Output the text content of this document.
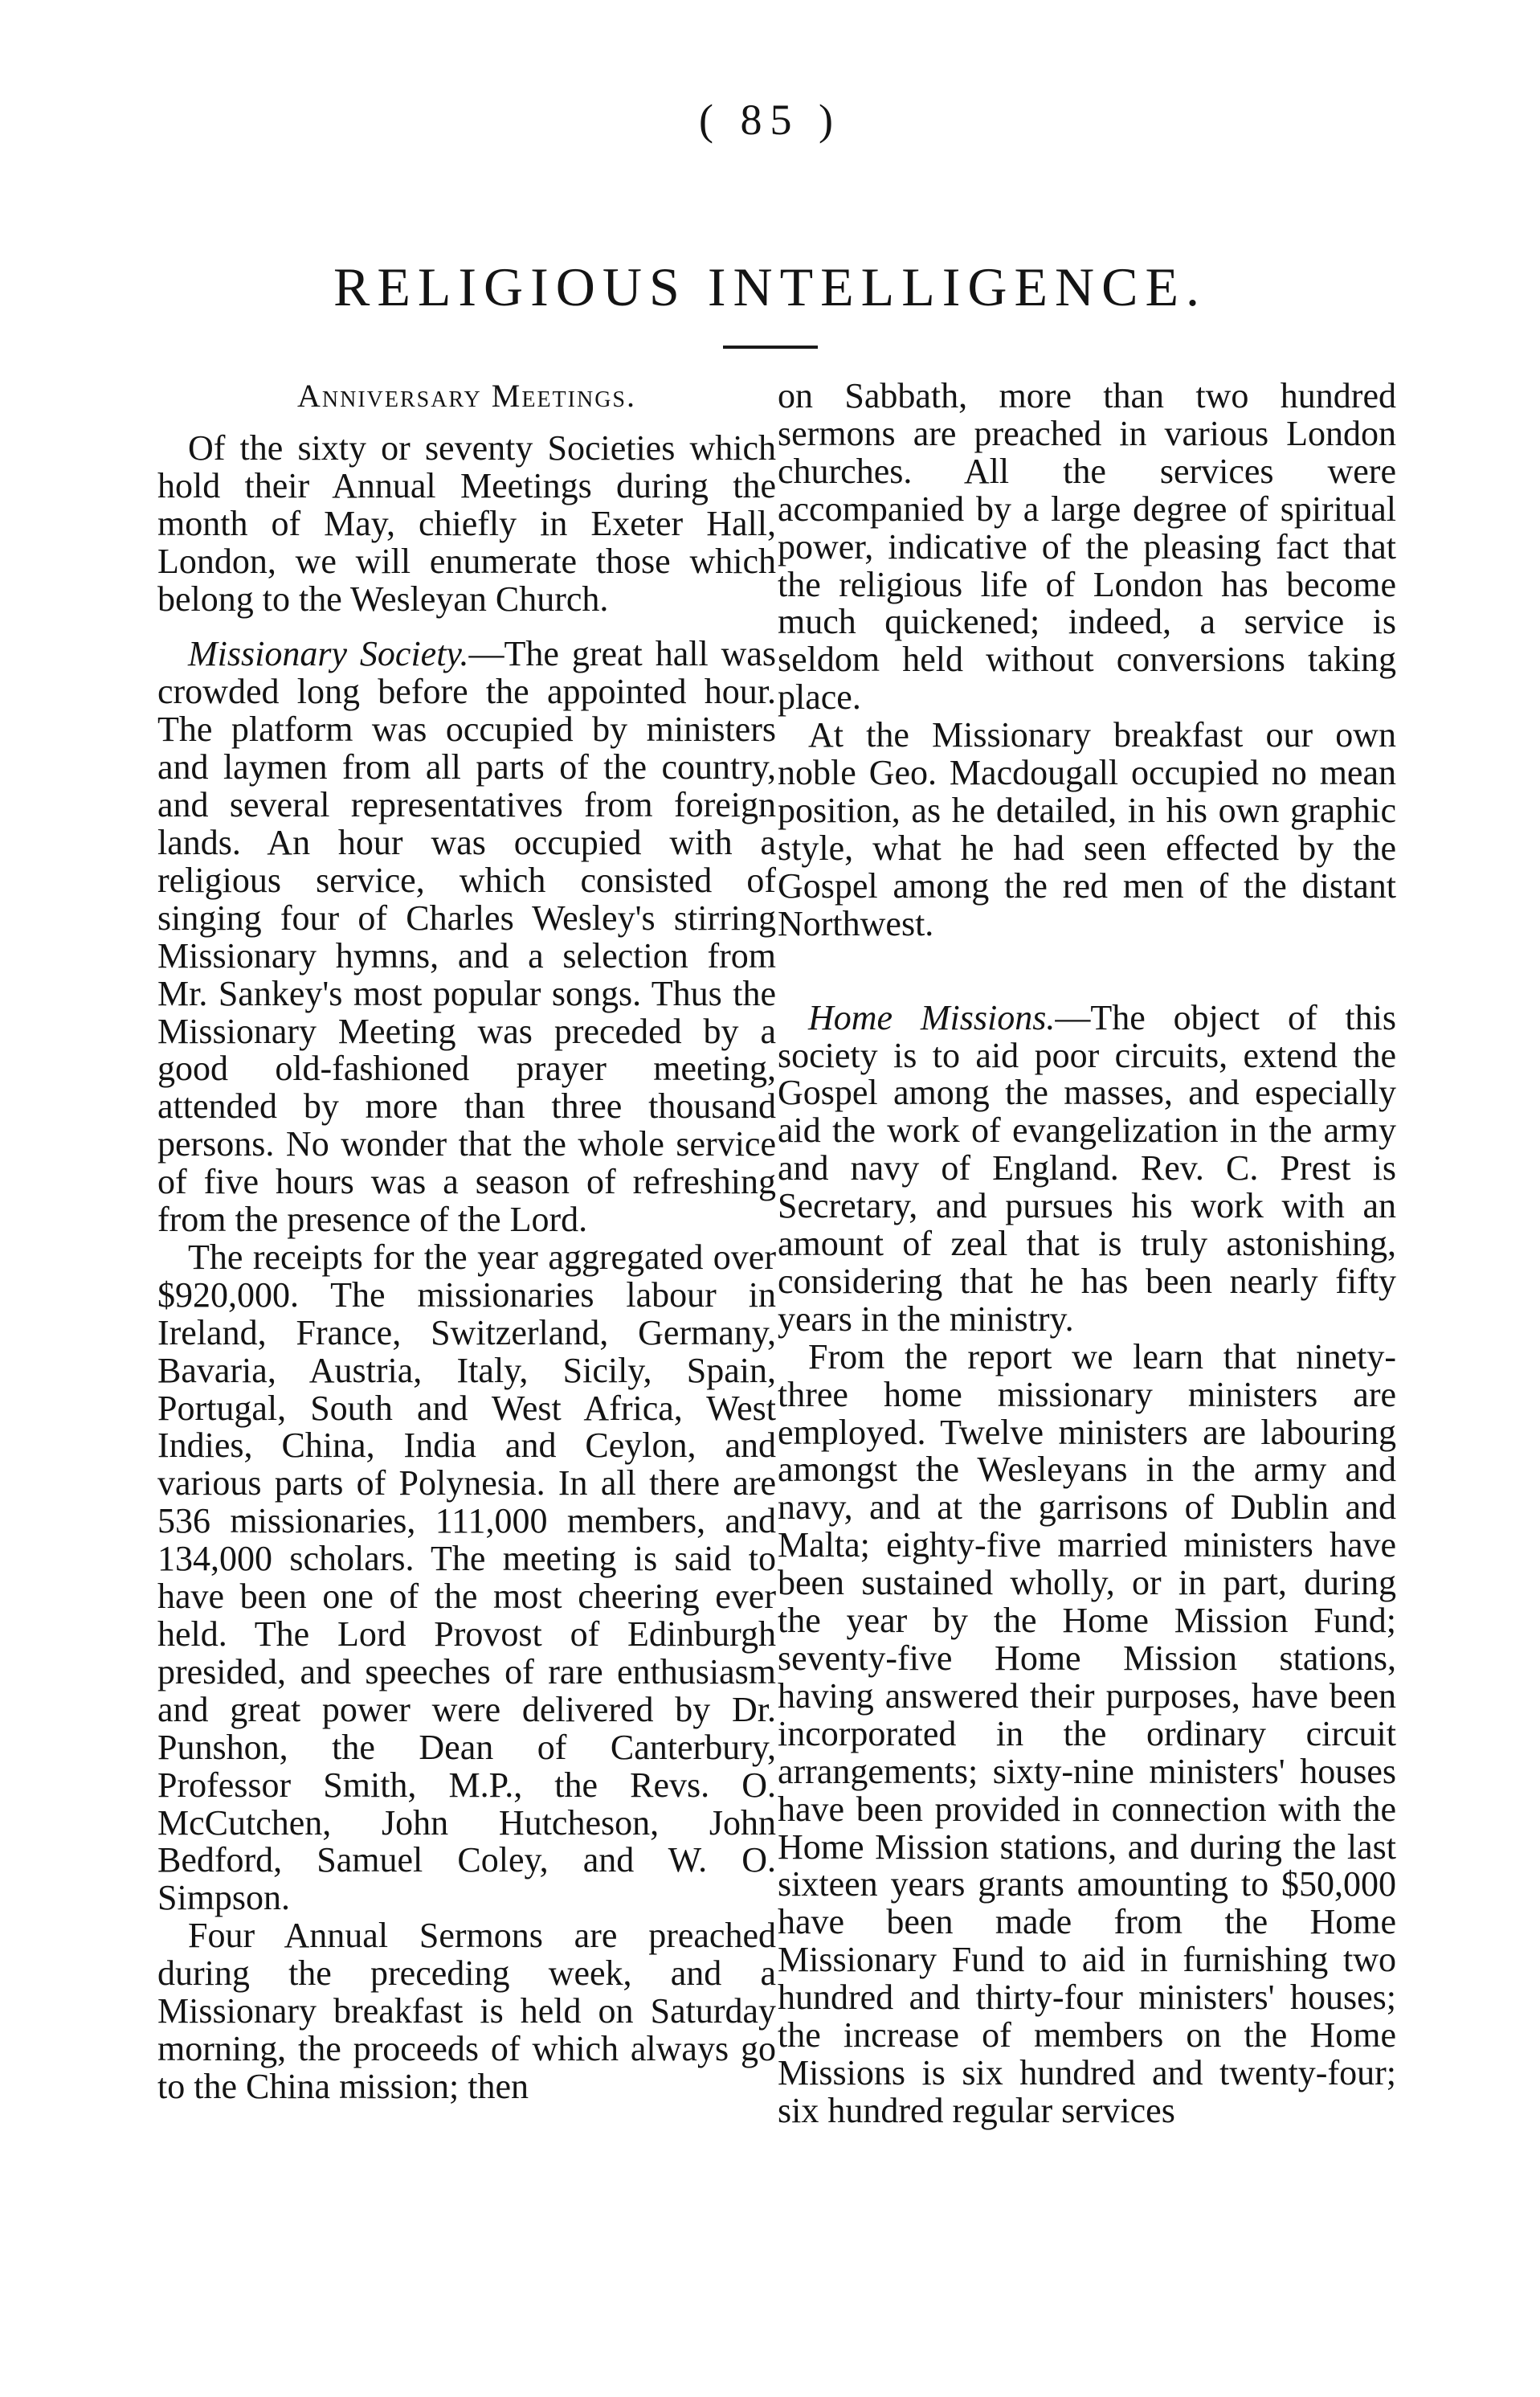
( 85 )
RELIGIOUS INTELLIGENCE.
Anniversary Meetings.

Of the sixty or seventy Societies which hold their Annual Meetings during the month of May, chiefly in Exeter Hall, London, we will enumerate those which belong to the Wesleyan Church.

Missionary Society.—The great hall was crowded long before the appointed hour. The platform was occupied by ministers and laymen from all parts of the country, and several representatives from foreign lands. An hour was occupied with a religious service, which consisted of singing four of Charles Wesley's stirring Missionary hymns, and a selection from Mr. Sankey's most popular songs. Thus the Missionary Meeting was preceded by a good old-fashioned prayer meeting, attended by more than three thousand persons. No wonder that the whole service of five hours was a season of refreshing from the presence of the Lord.

The receipts for the year aggregated over $920,000. The missionaries labour in Ireland, France, Switzerland, Germany, Bavaria, Austria, Italy, Sicily, Spain, Portugal, South and West Africa, West Indies, China, India and Ceylon, and various parts of Polynesia. In all there are 536 missionaries, 111,000 members, and 134,000 scholars. The meeting is said to have been one of the most cheering ever held. The Lord Provost of Edinburgh presided, and speeches of rare enthusiasm and great power were delivered by Dr. Punshon, the Dean of Canterbury, Professor Smith, M.P., the Revs. O. McCutchen, John Hutcheson, John Bedford, Samuel Coley, and W. O. Simpson.

Four Annual Sermons are preached during the preceding week, and a Missionary breakfast is held on Saturday morning, the proceeds of which always go to the China mission; then

on Sabbath, more than two hundred sermons are preached in various London churches. All the services were accompanied by a large degree of spiritual power, indicative of the pleasing fact that the religious life of London has become much quickened; indeed, a service is seldom held without conversions taking place.

At the Missionary breakfast our own noble Geo. Macdougall occupied no mean position, as he detailed, in his own graphic style, what he had seen effected by the Gospel among the red men of the distant Northwest.

Home Missions.—The object of this society is to aid poor circuits, extend the Gospel among the masses, and especially aid the work of evangelization in the army and navy of England. Rev. C. Prest is Secretary, and pursues his work with an amount of zeal that is truly astonishing, considering that he has been nearly fifty years in the ministry.

From the report we learn that ninety-three home missionary ministers are employed. Twelve ministers are labouring amongst the Wesleyans in the army and navy, and at the garrisons of Dublin and Malta; eighty-five married ministers have been sustained wholly, or in part, during the year by the Home Mission Fund; seventy-five Home Mission stations, having answered their purposes, have been incorporated in the ordinary circuit arrangements; sixty-nine ministers' houses have been provided in connection with the Home Mission stations, and during the last sixteen years grants amounting to $50,000 have been made from the Home Missionary Fund to aid in furnishing two hundred and thirty-four ministers' houses; the increase of members on the Home Missions is six hundred and twenty-four; six hundred regular services
